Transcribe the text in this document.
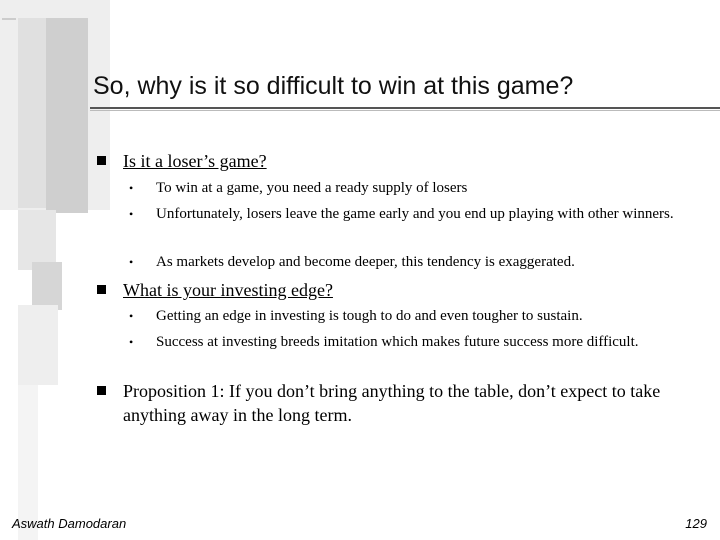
So, why is it so difficult to win at this game?
Is it a loser’s game?
• To win at a game, you need a ready supply of losers
• Unfortunately, losers leave the game early and you end up playing with other winners.
• As markets develop and become deeper, this tendency is exaggerated.
What is your investing edge?
• Getting an edge in investing is tough to do and even tougher to sustain.
• Success at investing breeds imitation which makes future success more difficult.
Proposition 1: If you don’t bring anything to the table, don’t expect to take anything away in the long term.
Aswath Damodaran	129
